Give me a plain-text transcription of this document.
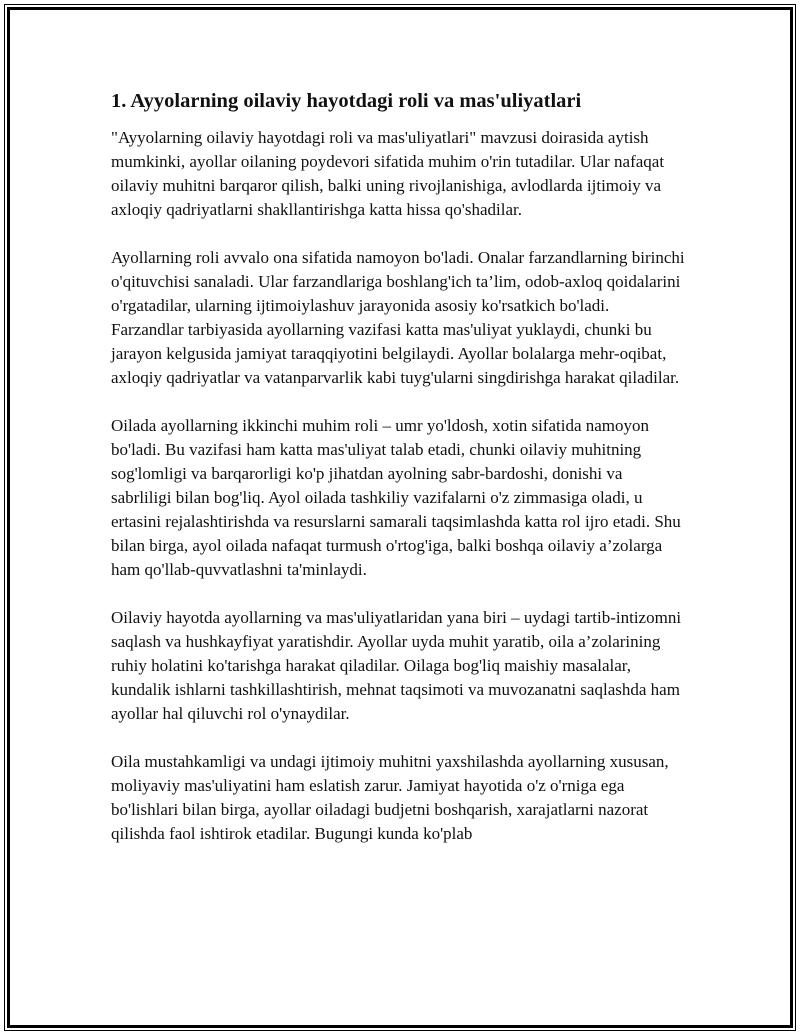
1. Ayyolarning oilaviy hayotdagi roli va mas'uliyatlari

"Ayyolarning oilaviy hayotdagi roli va mas'uliyatlari" mavzusi doirasida aytish mumkinki, ayollar oilaning poydevori sifatida muhim o'rin tutadilar. Ular nafaqat oilaviy muhitni barqaror qilish, balki uning rivojlanishiga, avlodlarda ijtimoiy va axloqiy qadriyatlarni shakllantirishga katta hissa qo'shadilar.

Ayollarning roli avvalo ona sifatida namoyon bo'ladi. Onalar farzandlarning birinchi o'qituvchisi sanaladi. Ular farzandlariga boshlang'ich ta’lim, odob-axloq qoidalarini o'rgatadilar, ularning ijtimoiylashuv jarayonida asosiy ko'rsatkich bo'ladi. Farzandlar tarbiyasida ayollarning vazifasi katta mas'uliyat yuklaydi, chunki bu jarayon kelgusida jamiyat taraqqiyotini belgilaydi. Ayollar bolalarga mehr-oqibat, axloqiy qadriyatlar va vatanparvarlik kabi tuyg'ularni singdirishga harakat qiladilar.

Oilada ayollarning ikkinchi muhim roli – umr yo'ldosh, xotin sifatida namoyon bo'ladi. Bu vazifasi ham katta mas'uliyat talab etadi, chunki oilaviy muhitning sog'lomligi va barqarorligi ko'p jihatdan ayolning sabr-bardoshi, donishi va sabrliligi bilan bog'liq. Ayol oilada tashkiliy vazifalarni o'z zimmasiga oladi, u ertasini rejalashtirishda va resurslarni samarali taqsimlashda katta rol ijro etadi. Shu bilan birga, ayol oilada nafaqat turmush o'rtog'iga, balki boshqa oilaviy a’zolarga ham qo'llab-quvvatlashni ta'minlaydi.

Oilaviy hayotda ayollarning va mas'uliyatlaridan yana biri – uydagi tartib-intizomni saqlash va hushkayfiyat yaratishdir. Ayollar uyda muhit yaratib, oila a’zolarining ruhiy holatini ko'tarishga harakat qiladilar. Oilaga bog'liq maishiy masalalar, kundalik ishlarni tashkillashtirish, mehnat taqsimoti va muvozanatni saqlashda ham ayollar hal qiluvchi rol o'ynaydilar.

Oila mustahkamligi va undagi ijtimoiy muhitni yaxshilashda ayollarning xususan, moliyaviy mas'uliyatini ham eslatish zarur. Jamiyat hayotida o'z o'rniga ega bo'lishlari bilan birga, ayollar oiladagi budjetni boshqarish, xarajatlarni nazorat qilishda faol ishtirok etadilar. Bugungi kunda ko'plab
